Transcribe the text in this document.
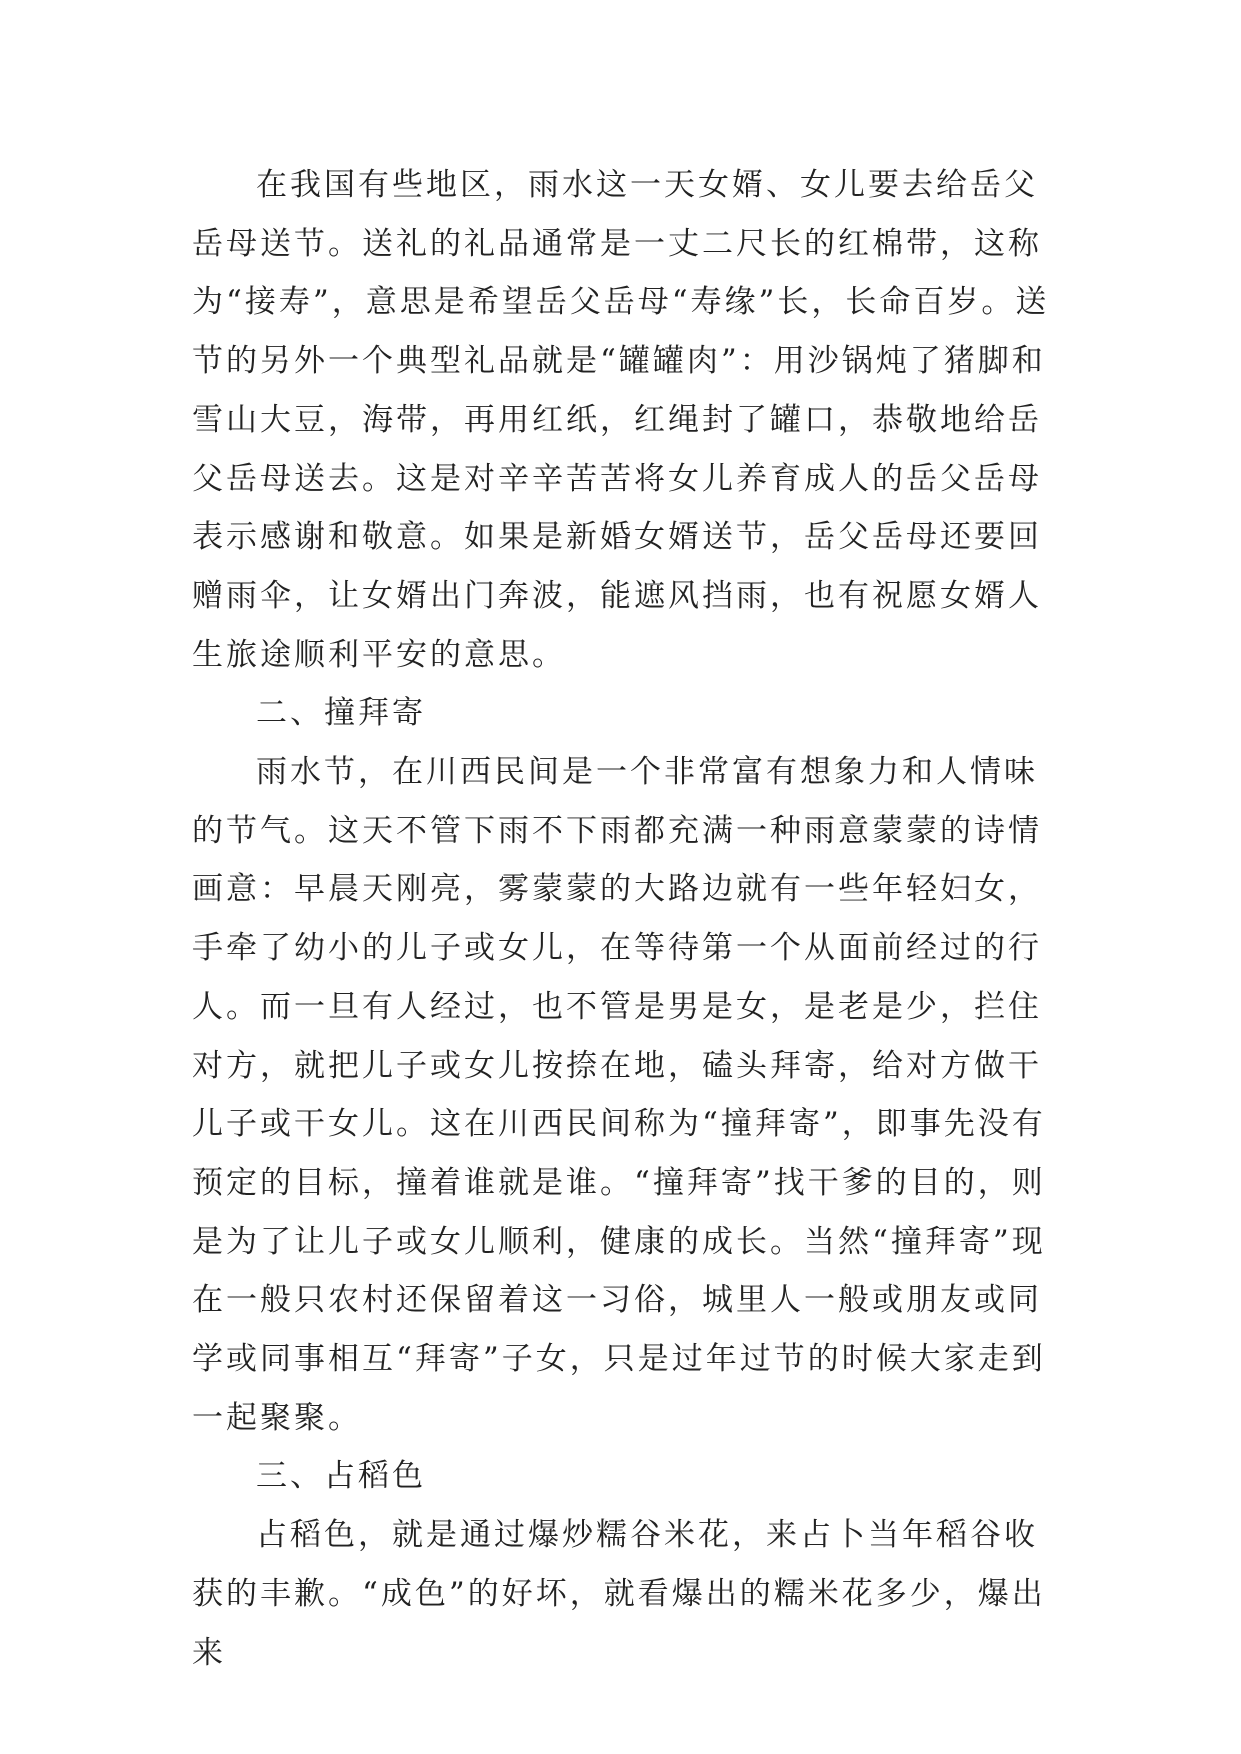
在我国有些地区，雨水这一天女婿、女儿要去给岳父岳母送节。送礼的礼品通常是一丈二尺长的红棉带，这称为“接寿”，意思是希望岳父岳母“寿缘”长，长命百岁。送节的另外一个典型礼品就是“罐罐肉”：用沙锅炖了猪脚和雪山大豆，海带，再用红纸，红绳封了罐口，恭敬地给岳父岳母送去。这是对辛辛苦苦将女儿养育成人的岳父岳母表示感谢和敬意。如果是新婚女婿送节，岳父岳母还要回赠雨伞，让女婿出门奔波，能遮风挡雨，也有祝愿女婿人生旅途顺利平安的意思。

二、撞拜寄

雨水节，在川西民间是一个非常富有想象力和人情味的节气。这天不管下雨不下雨都充满一种雨意蒙蒙的诗情画意：早晨天刚亮，雾蒙蒙的大路边就有一些年轻妇女，手牵了幼小的儿子或女儿，在等待第一个从面前经过的行人。而一旦有人经过，也不管是男是女，是老是少，拦住对方，就把儿子或女儿按捺在地，磕头拜寄，给对方做干儿子或干女儿。这在川西民间称为“撞拜寄”，即事先没有预定的目标，撞着谁就是谁。“撞拜寄”找干爹的目的，则是为了让儿子或女儿顺利，健康的成长。当然“撞拜寄”现在一般只农村还保留着这一习俗，城里人一般或朋友或同学或同事相互“拜寄”子女，只是过年过节的时候大家走到一起聚聚。

三、占稻色

占稻色，就是通过爆炒糯谷米花，来占卜当年稻谷收获的丰歉。“成色”的好坏，就看爆出的糯米花多少，爆出来
